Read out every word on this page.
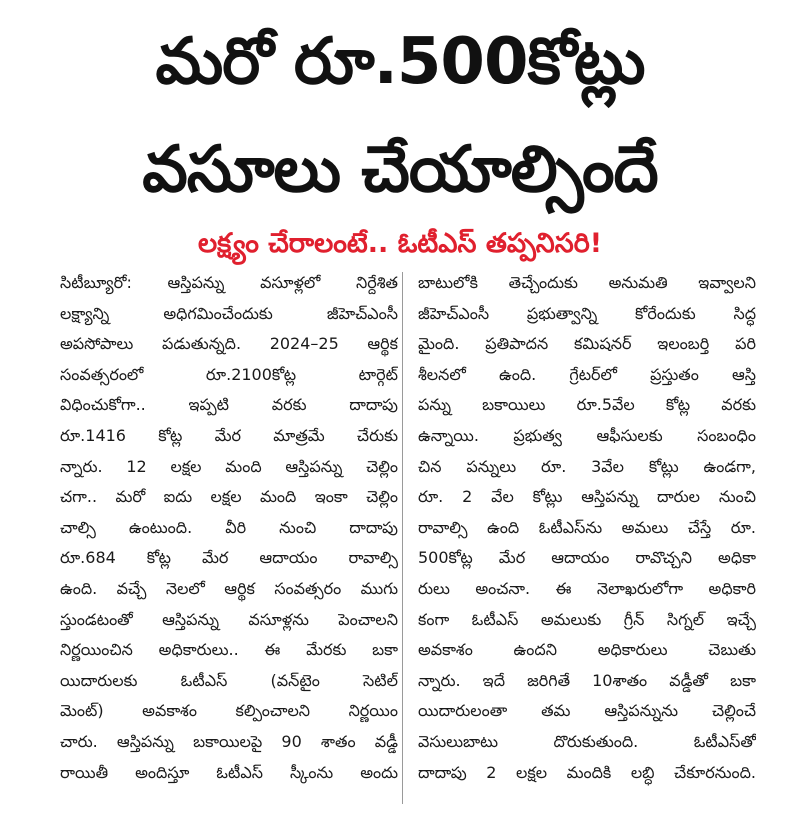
మరో రూ.500కోట్లు
వసూలు చేయాల్సిందే
లక్ష్యం చేరాలంటే.. ఓటీఎస్ తప్పనిసరి!
సిటీబ్యూరో: ఆస్తిపన్ను వసూళ్లలో నిర్దేశిత
లక్ష్యాన్ని అధిగమించేందుకు జీహెచ్ఎంసీ
అపసోపాలు పడుతున్నది. 2024–25 ఆర్థిక
సంవత్సరంలో రూ.2100కోట్ల టార్గెట్
విధించుకోగా.. ఇప్పటి వరకు దాదాపు
రూ.1416 కోట్ల మేర మాత్రమే చేరుకు
న్నారు. 12 లక్షల మంది ఆస్తిపన్ను చెల్లిం
చగా.. మరో ఐదు లక్షల మంది ఇంకా చెల్లిం
చాల్సి ఉంటుంది. వీరి నుంచి దాదాపు
రూ.684 కోట్ల మేర ఆదాయం రావాల్సి
ఉంది. వచ్చే నెలలో ఆర్థిక సంవత్సరం ముగు
స్తుండటంతో ఆస్తిపన్ను వసూళ్లను పెంచాలని
నిర్ణయించిన అధికారులు.. ఈ మేరకు బకా
యిదారులకు ఓటీఎస్ (వన్‌టైం సెటిల్
మెంట్) అవకాశం కల్పించాలని నిర్ణయిం
చారు. ఆస్తిపన్ను బకాయిలపై 90 శాతం వడ్డీ
రాయితీ అందిస్తూ ఓటీఎస్ స్కీంను అందు
బాటులోకి తెచ్చేందుకు అనుమతి ఇవ్వాలని
జీహెచ్ఎంసీ ప్రభుత్వాన్ని కోరేందుకు సిద్ధ
మైంది. ప్రతిపాదన కమిషనర్ ఇలంబర్తి పరి
శీలనలో ఉంది. గ్రేటర్‌లో ప్రస్తుతం ఆస్తి
పన్ను బకాయిలు రూ.5వేల కోట్ల వరకు
ఉన్నాయి. ప్రభుత్వ ఆఫీసులకు సంబంధిం
చిన పన్నులు రూ. 3వేల కోట్లు ఉండగా,
రూ. 2 వేల కోట్లు ఆస్తిపన్ను దారుల నుంచి
రావాల్సి ఉంది ఓటీఎస్‌ను అమలు చేస్తే రూ.
500కోట్ల మేర ఆదాయం రావొచ్చని అధికా
రులు అంచనా. ఈ నెలాఖరులోగా అధికారి
కంగా ఓటీఎస్ అమలుకు గ్రీన్ సిగ్నల్ ఇచ్చే
అవకాశం ఉందని అధికారులు చెబుతు
న్నారు. ఇదే జరిగితే 10శాతం వడ్డీతో బకా
యిదారులంతా తమ ఆస్తిపన్నును చెల్లించే
వెసులుబాటు దొరుకుతుంది. ఓటీఎస్‌తో
దాదాపు 2 లక్షల మందికి లబ్ధి చేకూరనుంది.
